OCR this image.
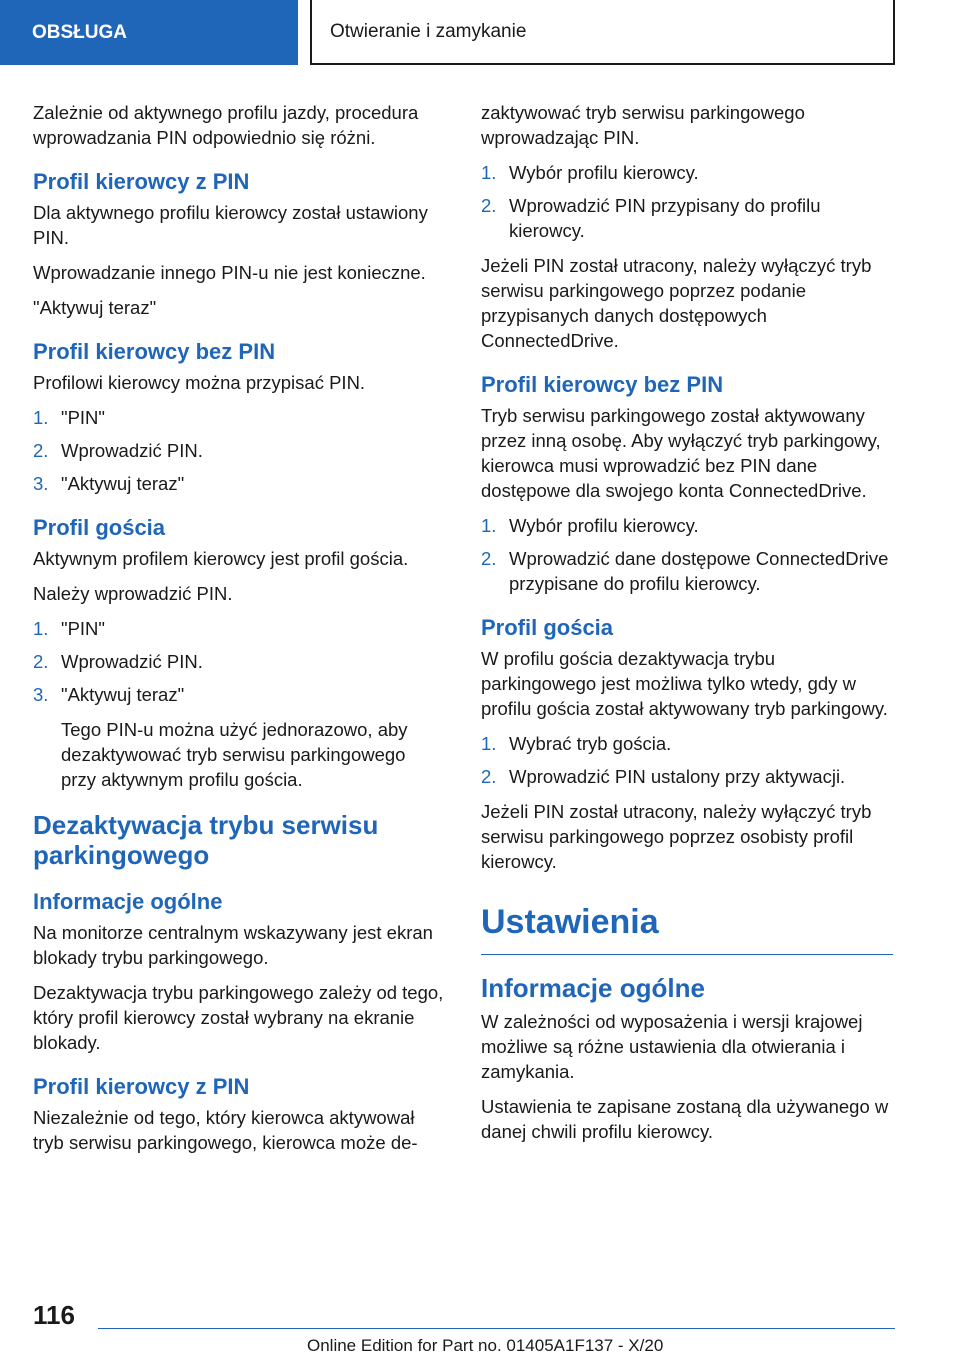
OBSŁUGA	Otwieranie i zamykanie

Zależnie od aktywnego profilu jazdy, procedura wprowadzania PIN odpowiednio się różni.

Profil kierowcy z PIN

Dla aktywnego profilu kierowcy został ustawiony PIN.

Wprowadzanie innego PIN-u nie jest konieczne.

"Aktywuj teraz"

Profil kierowcy bez PIN

Profilowi kierowcy można przypisać PIN.

1. "PIN"
2. Wprowadzić PIN.
3. "Aktywuj teraz"
Profil gościa

Aktywnym profilem kierowcy jest profil gościa.

Należy wprowadzić PIN.

1. "PIN"
2. Wprowadzić PIN.
3. "Aktywuj teraz"

Tego PIN-u można użyć jednorazowo, aby dezaktywować tryb serwisu parkingowego przy aktywnym profilu gościa.

Dezaktywacja trybu serwisu parkingowego
Informacje ogólne

Na monitorze centralnym wskazywany jest ekran blokady trybu parkingowego.

Dezaktywacja trybu parkingowego zależy od tego, który profil kierowcy został wybrany na ekranie blokady.

Profil kierowcy z PIN

Niezależnie od tego, który kierowca aktywował tryb serwisu parkingowego, kierowca może de-

zaktywować tryb serwisu parkingowego wprowadzając PIN.

1. Wybór profilu kierowcy.
2. Wprowadzić PIN przypisany do profilu kierowcy.

Jeżeli PIN został utracony, należy wyłączyć tryb serwisu parkingowego poprzez podanie przypisanych danych dostępowych ConnectedDrive.

Profil kierowcy bez PIN

Tryb serwisu parkingowego został aktywowany przez inną osobę. Aby wyłączyć tryb parkingowy, kierowca musi wprowadzić bez PIN dane dostępowe dla swojego konta ConnectedDrive.

1. Wybór profilu kierowcy.
2. Wprowadzić dane dostępowe ConnectedDrive przypisane do profilu kierowcy.
Profil gościa

W profilu gościa dezaktywacja trybu parkingowego jest możliwa tylko wtedy, gdy w profilu gościa został aktywowany tryb parkingowy.

1. Wybrać tryb gościa.
2. Wprowadzić PIN ustalony przy aktywacji.

Jeżeli PIN został utracony, należy wyłączyć tryb serwisu parkingowego poprzez osobisty profil kierowcy.

Ustawienia
Informacje ogólne

W zależności od wyposażenia i wersji krajowej możliwe są różne ustawienia dla otwierania i zamykania.

Ustawienia te zapisane zostaną dla używanego w danej chwili profilu kierowcy.

116
Online Edition for Part no. 01405A1F137 - X/20
